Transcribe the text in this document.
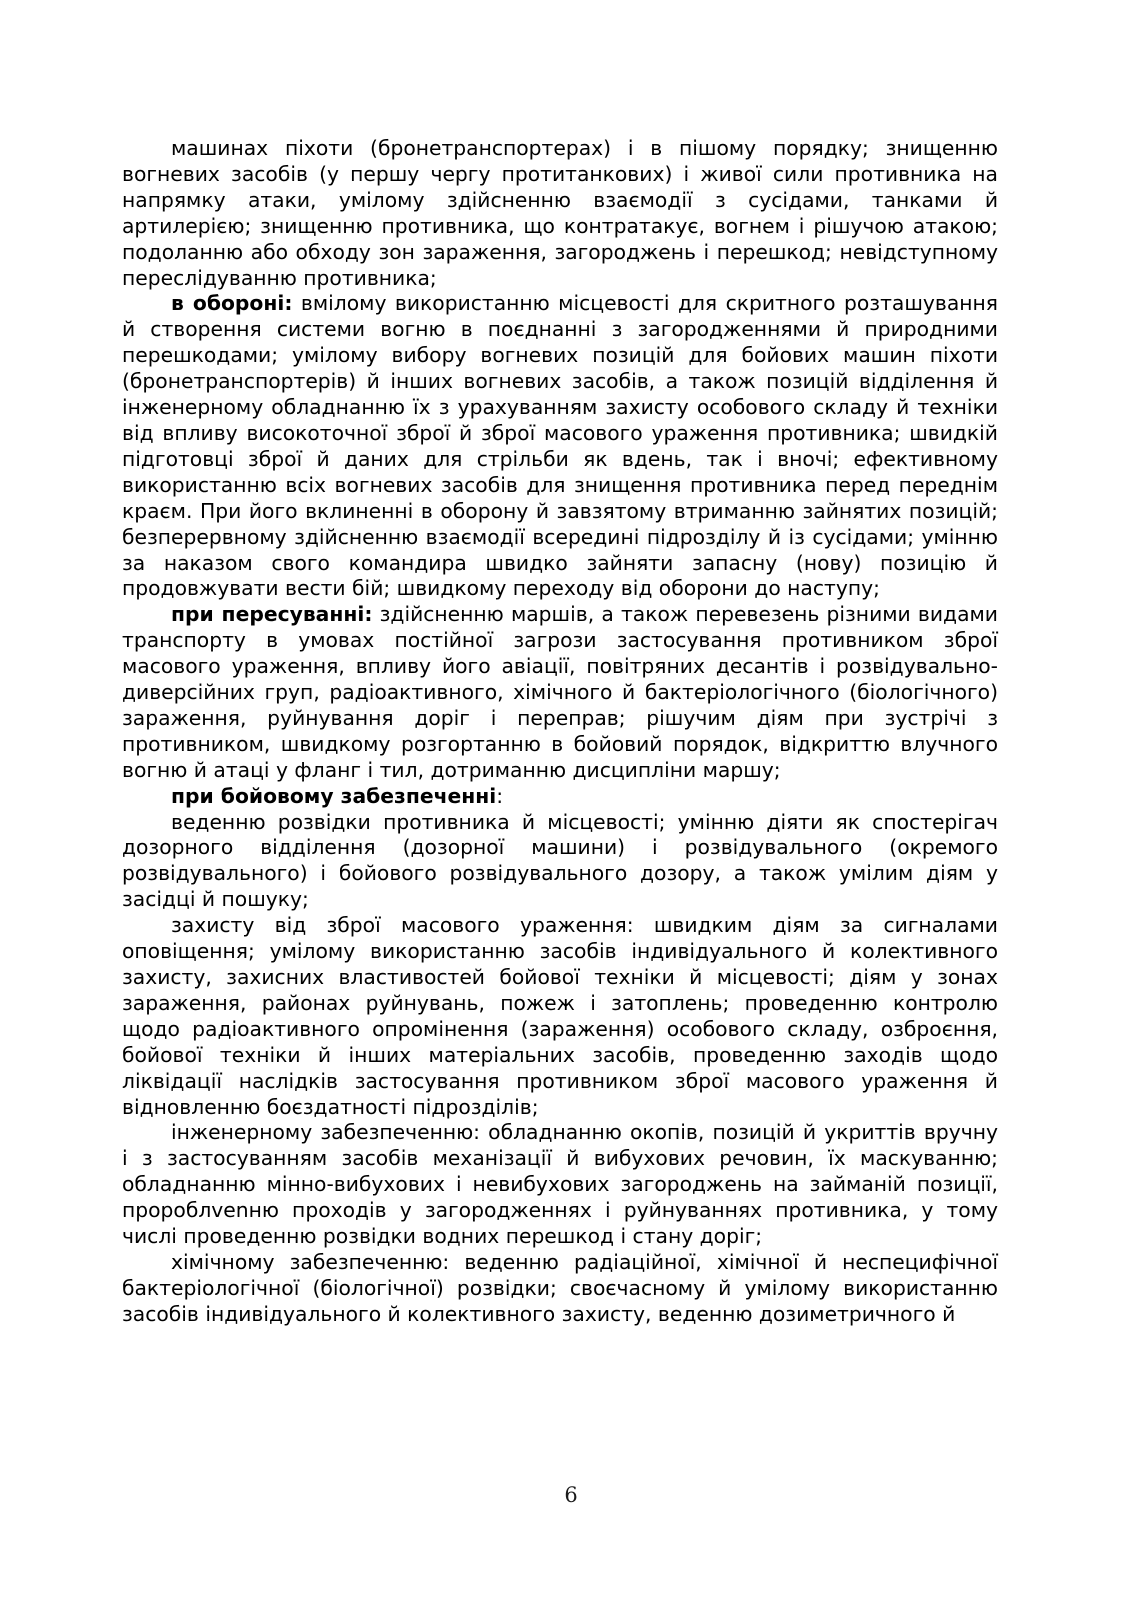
машинах піхоти (бронетранспортерах) і в пішому порядку; знищенню вогневих засобів (у першу чергу протитанкових) і живої сили противника на напрямку атаки, умілому здійсненню взаємодії з сусідами, танками й артилерією; знищенню противника, що контратакує, вогнем і рішучою атакою; подоланню або обходу зон зараження, загороджень і перешкод; невідступному переслідуванню противника;

в обороні: вмілому використанню місцевості для скритного розташування й створення системи вогню в поєднанні з загородженнями й природними перешкодами; умілому вибору вогневих позицій для бойових машин піхоти (бронетранспортерів) й інших вогневих засобів, а також позицій відділення й інженерному обладнанню їх з урахуванням захисту особового складу й техніки від впливу високоточної зброї й зброї масового ураження противника; швидкій підготовці зброї й даних для стрільби як вдень, так і вночі; ефективному використанню всіх вогневих засобів для знищення противника перед переднім краєм. При його вклиненні в оборону й завзятому втриманню зайнятих позицій; безперервному здійсненню взаємодії всередині підрозділу й із сусідами; умінню за наказом свого командира швидко зайняти запасну (нову) позицію й продовжувати вести бій; швидкому переходу від оборони до наступу;

при пересуванні: здійсненню маршів, а також перевезень різними видами транспорту в умовах постійної загрози застосування противником зброї масового ураження, впливу його авіації, повітряних десантів і розвідувально-диверсійних груп, радіоактивного, хімічного й бактеріологічного (біологічного) зараження, руйнування доріг і переправ; рішучим діям при зустрічі з противником, швидкому розгортанню в бойовий порядок, відкриттю влучного вогню й атаці у фланг і тил, дотриманню дисципліни маршу;

при бойовому забезпеченні:

веденню розвідки противника й місцевості; умінню діяти як спостерігач дозорного відділення (дозорної машини) і розвідувального (окремого розвідувального) і бойового розвідувального дозору, а також умілим діям у засідці й пошуку;

захисту від зброї масового ураження: швидким діям за сигналами оповіщення; умілому використанню засобів індивідуального й колективного захисту, захисних властивостей бойової техніки й місцевості; діям у зонах зараження, районах руйнувань, пожеж і затоплень; проведенню контролю щодо радіоактивного опромінення (зараження) особового складу, озброєння, бойової техніки й інших матеріальних засобів, проведенню заходів щодо ліквідації наслідків застосування противником зброї масового ураження й відновленню боєздатності підрозділів;

інженерному забезпеченню: обладнанню окопів, позицій й укриттів вручну і з застосуванням засобів механізації й вибухових речовин, їх маскуванню; обладнанню мінно-вибухових і невибухових загороджень на займаній позиції, пророблvenню проходів у загородженнях і руйнуваннях противника, у тому числі проведенню розвідки водних перешкод і стану доріг;

хімічному забезпеченню: веденню радіаційної, хімічної й неспецифічної бактеріологічної (біологічної) розвідки; своєчасному й умілому використанню засобів індивідуального й колективного захисту, веденню дозиметричного й

6
